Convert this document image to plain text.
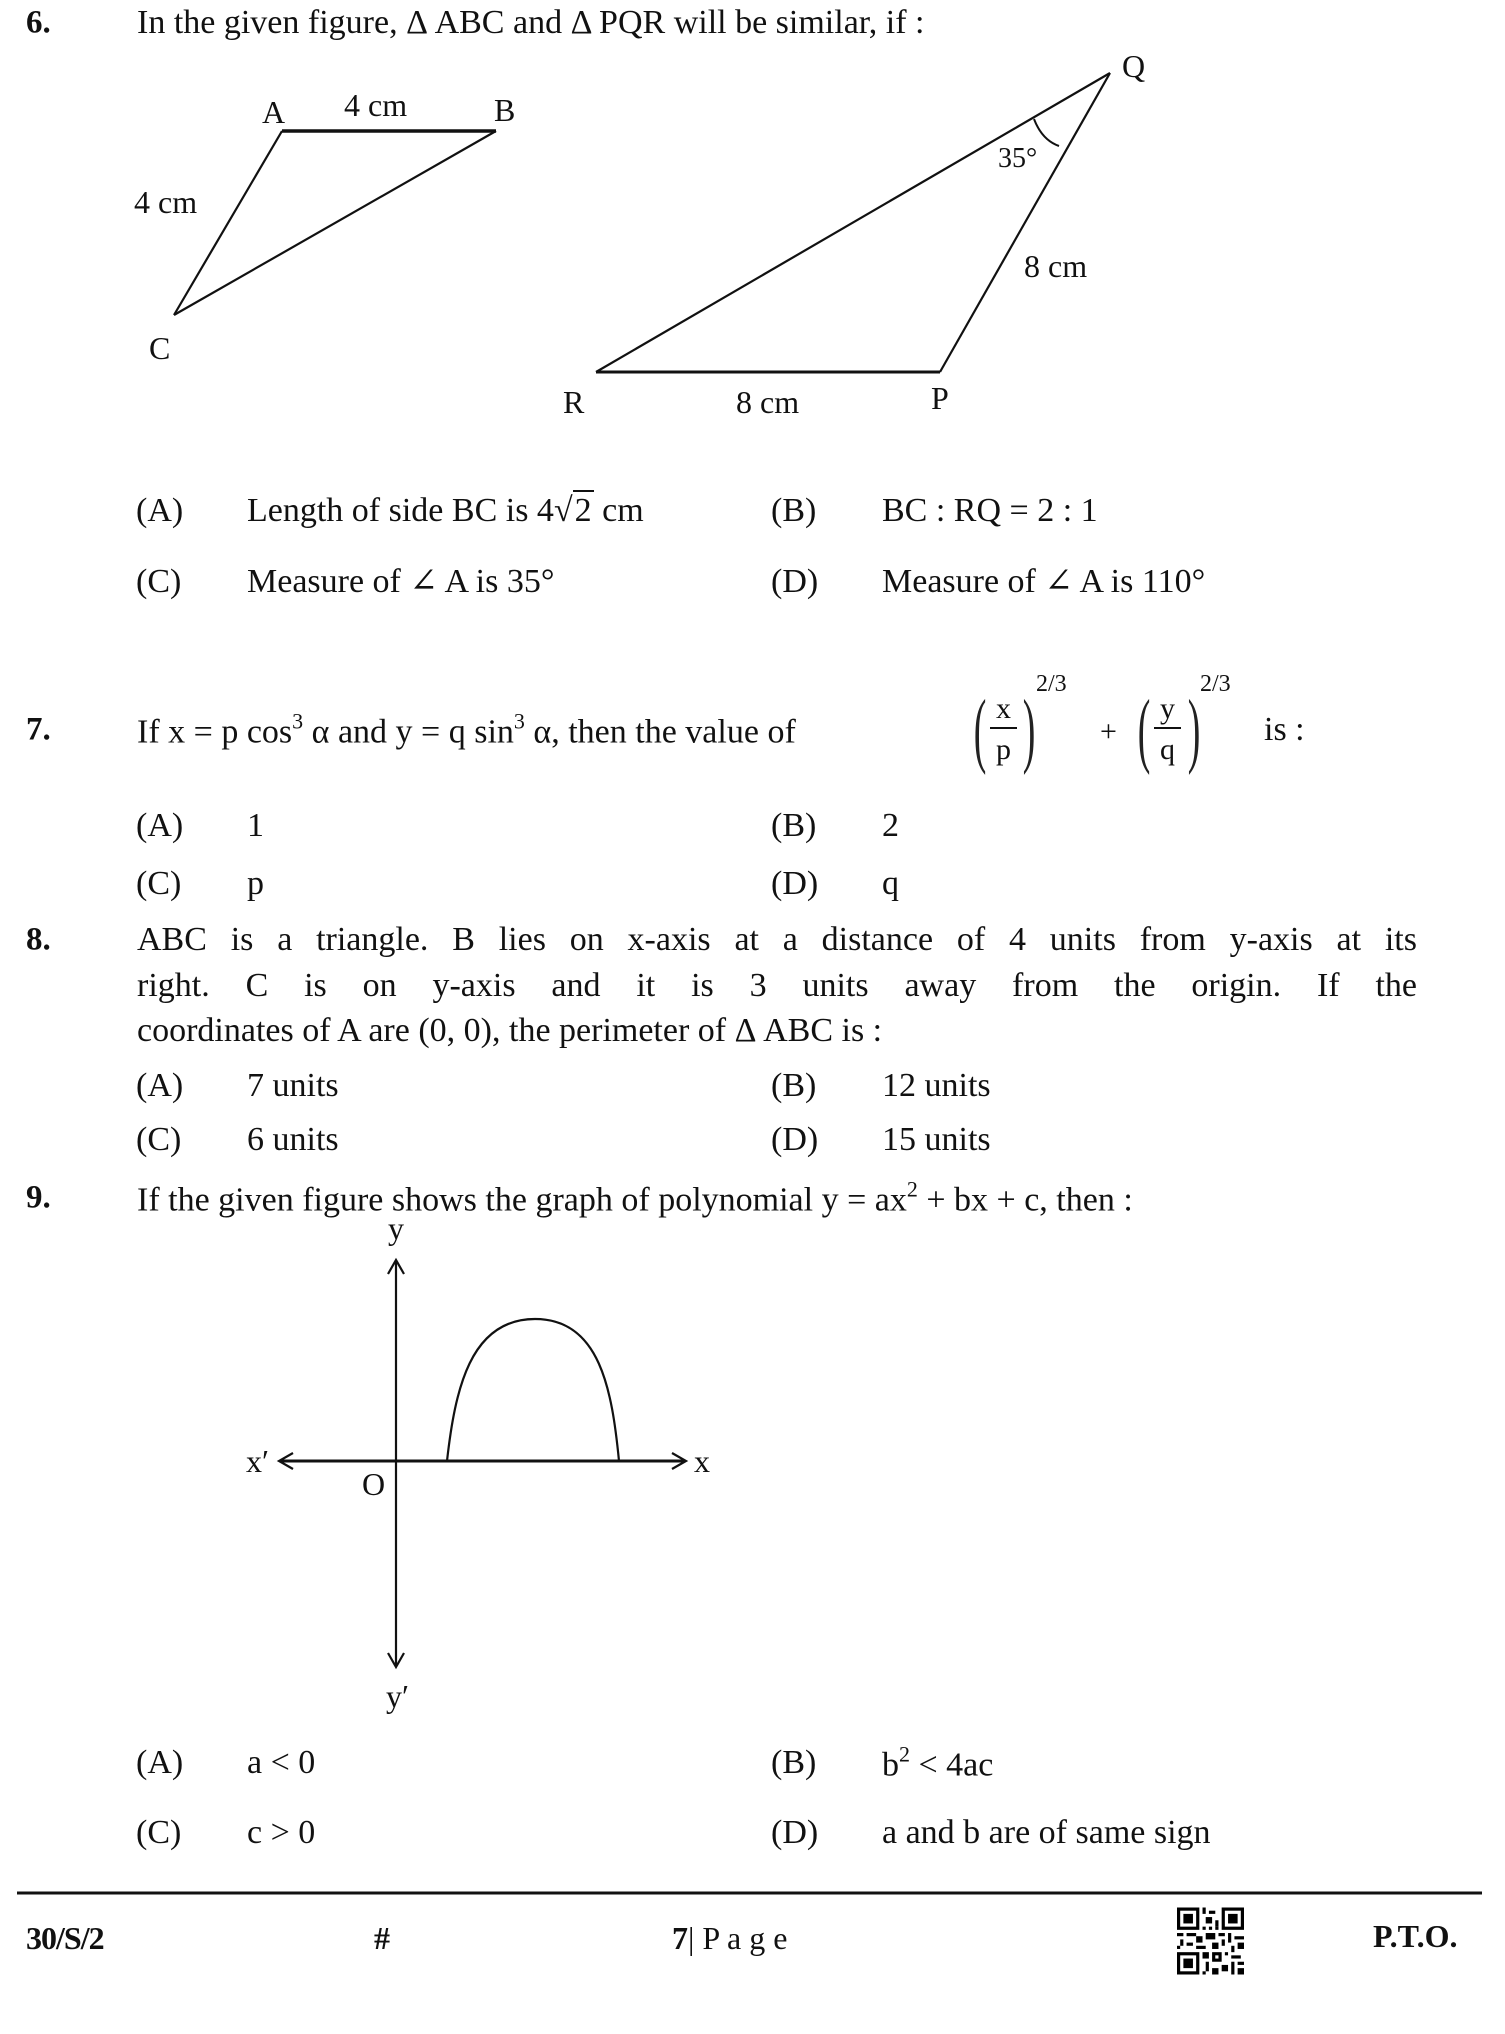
6.	In the given figure, Δ ABC and Δ PQR will be similar, if :
A 4 cm	B
4 cm
C
Q
35°
8 cm
R	8 cm	P
(A) Length of side BC is 4√2 cm	(B) BC : RQ = 2 : 1
(C) Measure of ∠ A is 35°	(D) Measure of ∠ A is 110°
7.	If x = p $\cos^3 \alpha$ and y = q $\sin^3 \alpha$, then the value of ( $\frac{x}{p}$ ) 2/3
+ ( $\frac{y}{q}$ ) 2/3
is :
(A) 1	(B) 2
(C) p	(D) q
8.	ABC is a triangle. B lies on x-axis at a distance of 4 units from y-axis at its
right. C is on y-axis and it is 3 units away from the origin. If the
coordinates of A are (0, 0), the perimeter of Δ ABC is :
(A) 7 units	(B) 12 units
(C) 6 units	(D) 15 units
9.	If the given figure shows the graph of polynomial $y = ax^2$ + bx + c, then :
y
x′	x
O
y′
(A) a < 0	(B) $b^2 < 4ac$
(C) c > 0	(D) a and b are of same sign
30/S/2	#	7| P a g e	P.T.O.
